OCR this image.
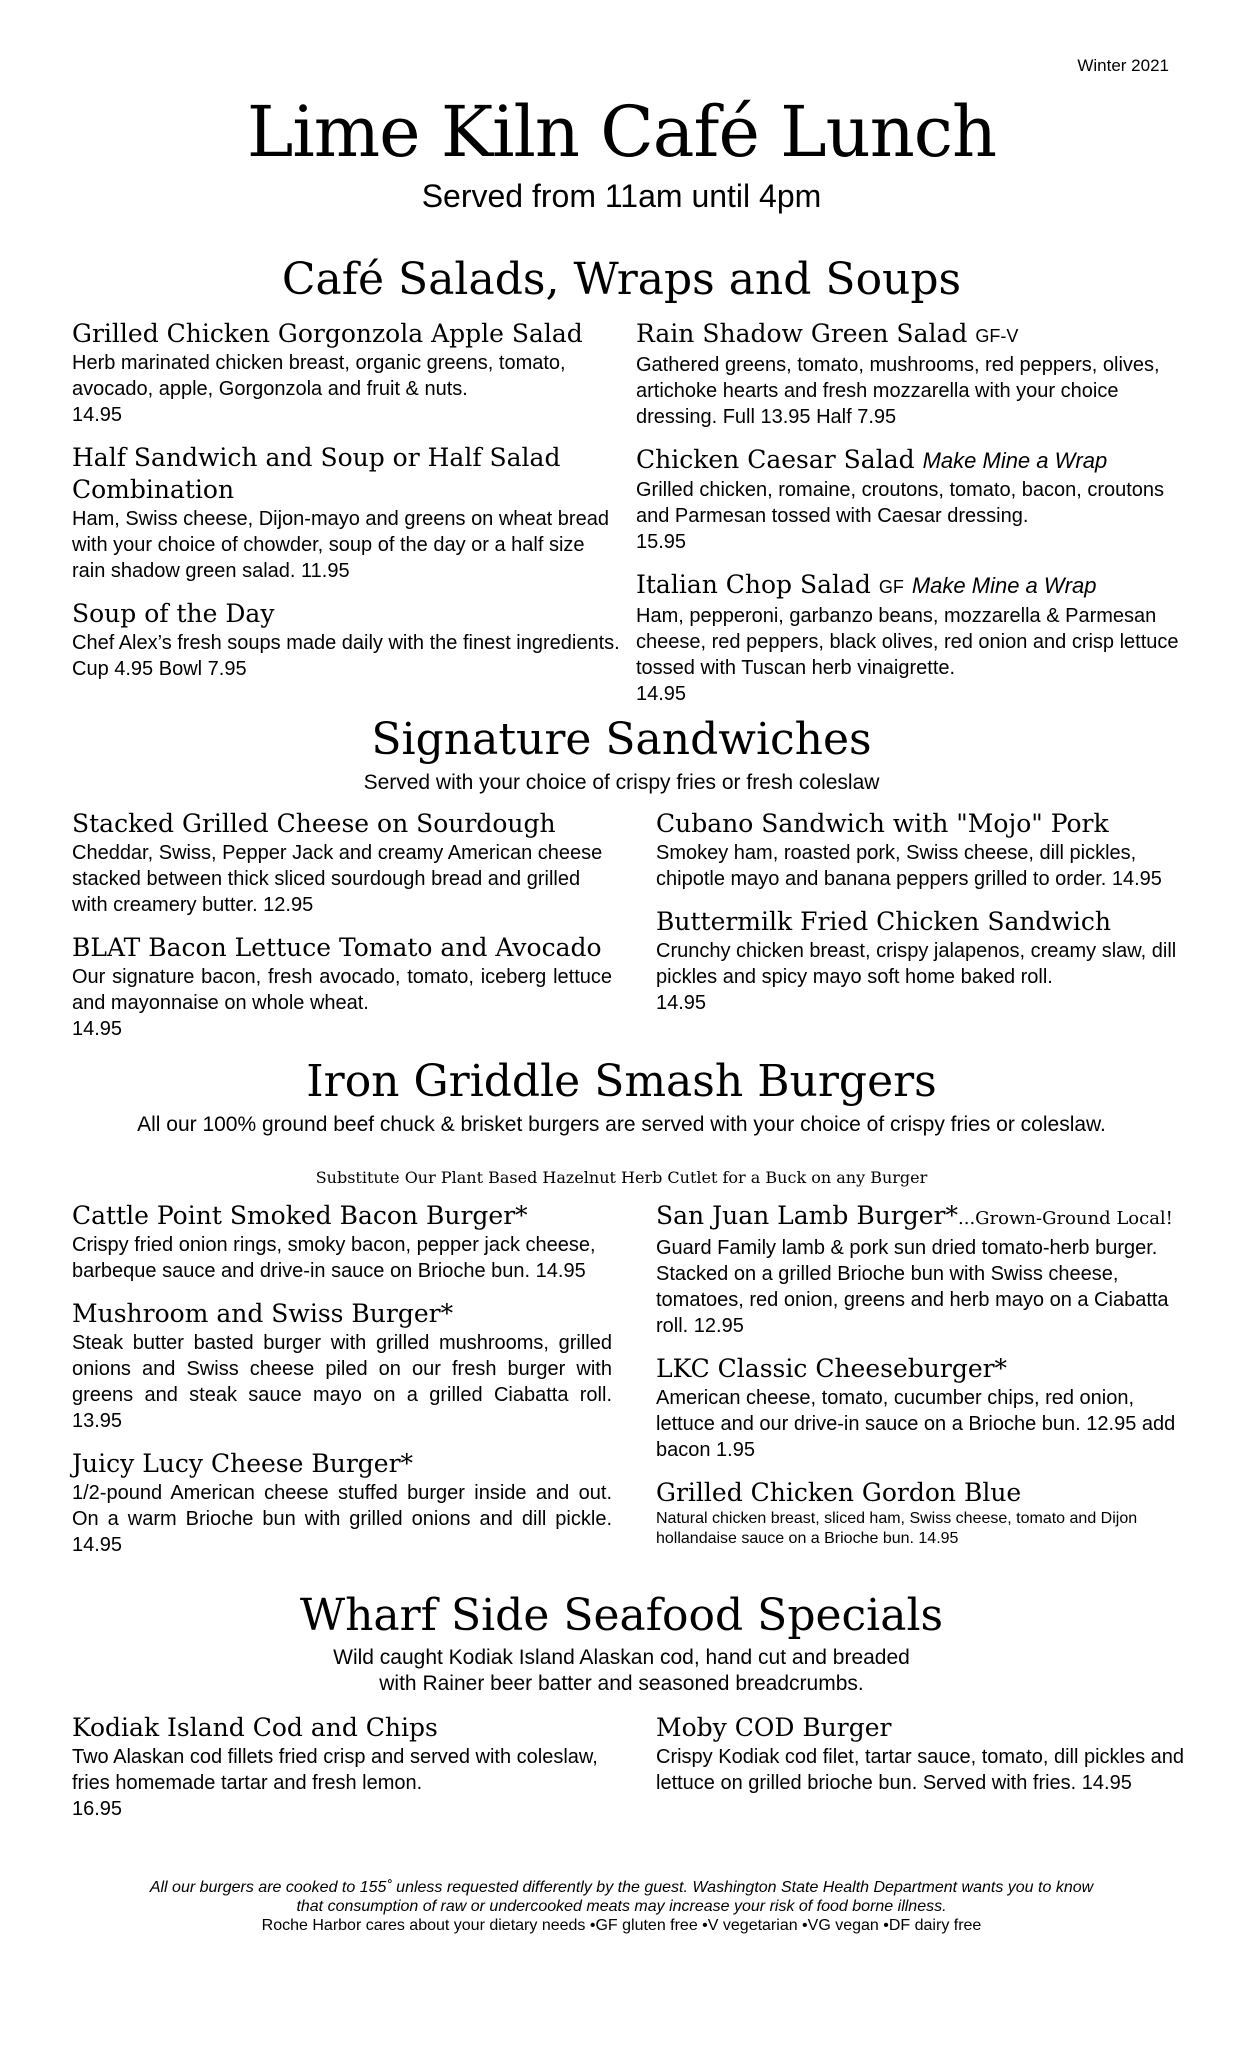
Winter 2021
Lime Kiln Café Lunch
Served from 11am until 4pm
Café Salads, Wraps and Soups
Grilled Chicken Gorgonzola Apple Salad
Herb marinated chicken breast, organic greens, tomato, avocado, apple, Gorgonzola and fruit & nuts.
14.95
Half Sandwich and Soup or Half Salad Combination
Ham, Swiss cheese, Dijon-mayo and greens on wheat bread with your choice of chowder, soup of the day or a half size rain shadow green salad. 11.95
Soup of the Day
Chef Alex’s fresh soups made daily with the finest ingredients. Cup 4.95 Bowl 7.95
Rain Shadow Green Salad GF-V
Gathered greens, tomato, mushrooms, red peppers, olives, artichoke hearts and fresh mozzarella with your choice dressing. Full 13.95 Half 7.95
Chicken Caesar Salad Make Mine a Wrap
Grilled chicken, romaine, croutons, tomato, bacon, croutons and Parmesan tossed with Caesar dressing.
15.95
Italian Chop Salad GF Make Mine a Wrap
Ham, pepperoni, garbanzo beans, mozzarella & Parmesan cheese, red peppers, black olives, red onion and crisp lettuce tossed with Tuscan herb vinaigrette.
14.95
Signature Sandwiches
Served with your choice of crispy fries or fresh coleslaw
Stacked Grilled Cheese on Sourdough
Cheddar, Swiss, Pepper Jack and creamy American cheese stacked between thick sliced sourdough bread and grilled with creamery butter. 12.95
BLAT Bacon Lettuce Tomato and Avocado
Our signature bacon, fresh avocado, tomato, iceberg lettuce and mayonnaise on whole wheat.
14.95
Cubano Sandwich with "Mojo" Pork
Smokey ham, roasted pork, Swiss cheese, dill pickles, chipotle mayo and banana peppers grilled to order. 14.95
Buttermilk Fried Chicken Sandwich
Crunchy chicken breast, crispy jalapenos, creamy slaw, dill pickles and spicy mayo soft home baked roll.
14.95
Iron Griddle Smash Burgers
All our 100% ground beef chuck & brisket burgers are served with your choice of crispy fries or coleslaw.
Substitute Our Plant Based Hazelnut Herb Cutlet for a Buck on any Burger
Cattle Point Smoked Bacon Burger*
Crispy fried onion rings, smoky bacon, pepper jack cheese, barbeque sauce and drive-in sauce on Brioche bun. 14.95
Mushroom and Swiss Burger*
Steak butter basted burger with grilled mushrooms, grilled onions and Swiss cheese piled on our fresh burger with greens and steak sauce mayo on a grilled Ciabatta roll. 13.95
Juicy Lucy Cheese Burger*
1/2-pound American cheese stuffed burger inside and out. On a warm Brioche bun with grilled onions and dill pickle. 14.95
San Juan Lamb Burger*...Grown-Ground Local!
Guard Family lamb & pork sun dried tomato-herb burger. Stacked on a grilled Brioche bun with Swiss cheese, tomatoes, red onion, greens and herb mayo on a Ciabatta roll. 12.95
LKC Classic Cheeseburger*
American cheese, tomato, cucumber chips, red onion, lettuce and our drive-in sauce on a Brioche bun. 12.95 add bacon 1.95
Grilled Chicken Gordon Blue
Natural chicken breast, sliced ham, Swiss cheese, tomato and Dijon hollandaise sauce on a Brioche bun. 14.95
Wharf Side Seafood Specials
Wild caught Kodiak Island Alaskan cod, hand cut and breaded
with Rainer beer batter and seasoned breadcrumbs.
Kodiak Island Cod and Chips
Two Alaskan cod fillets fried crisp and served with coleslaw, fries homemade tartar and fresh lemon.
16.95
Moby COD Burger
Crispy Kodiak cod filet, tartar sauce, tomato, dill pickles and lettuce on grilled brioche bun. Served with fries. 14.95
All our burgers are cooked to 155˚ unless requested differently by the guest. Washington State Health Department wants you to know
that consumption of raw or undercooked meats may increase your risk of food borne illness.
Roche Harbor cares about your dietary needs •GF gluten free •V vegetarian •VG vegan •DF dairy free
